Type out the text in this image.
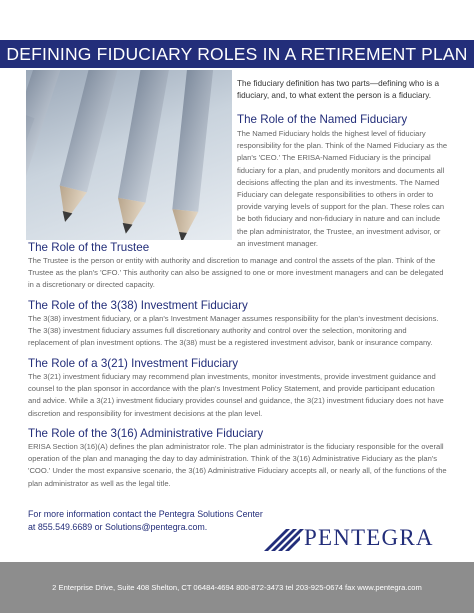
DEFINING FIDUCIARY ROLES IN A RETIREMENT PLAN

The fiduciary definition has two parts—defining who is a fiduciary, and, to what extent the person is a fiduciary.

The Role of the Named Fiduciary

The Named Fiduciary holds the highest level of fiduciary responsibility for the plan. Think of the Named Fiduciary as the plan's 'CEO.' The ERISA-Named Fiduciary is the principal fiduciary for a plan, and prudently monitors and documents all decisions affecting the plan and its investments. The Named Fiduciary can delegate responsibilities to others in order to provide varying levels of support for the plan. These roles can be both fiduciary and non-fiduciary in nature and can include the plan administrator, the Trustee, an investment advisor, or an investment manager.

The Role of the Trustee

The Trustee is the person or entity with authority and discretion to manage and control the assets of the plan. Think of the Trustee as the plan's 'CFO.' This authority can also be assigned to one or more investment managers and can be delegated in a discretionary or directed capacity.

The Role of the 3(38) Investment Fiduciary

The 3(38) investment fiduciary, or a plan's Investment Manager assumes responsibility for the plan's investment decisions. The 3(38) investment fiduciary assumes full discretionary authority and control over the selection, monitoring and replacement of plan investment options. The 3(38) must be a registered investment advisor, bank or insurance company.

The Role of a 3(21) Investment Fiduciary

The 3(21) investment fiduciary may recommend plan investments, monitor investments, provide investment guidance and counsel to the plan sponsor in accordance with the plan's Investment Policy Statement, and provide participant education and advice. While a 3(21) investment fiduciary provides counsel and guidance, the 3(21) investment fiduciary does not have discretion and responsibility for investment decisions at the plan level.

The Role of the 3(16) Administrative Fiduciary

ERISA Section 3(16)(A) defines the plan administrator role. The plan administrator is the fiduciary responsible for the overall operation of the plan and managing the day to day administration. Think of the 3(16) Administrative Fiduciary as the plan's 'COO.' Under the most expansive scenario, the 3(16) Administrative Fiduciary accepts all, or nearly all, of the functions of the plan administrator as well as the legal title.

For more information contact the Pentegra Solutions Center
at 855.549.6689 or Solutions@pentegra.com.	PENTEGRA
2 Enterprise Drive, Suite 408 Shelton, CT 06484-4694 800-872-3473 tel 203-925-0674 fax www.pentegra.com
